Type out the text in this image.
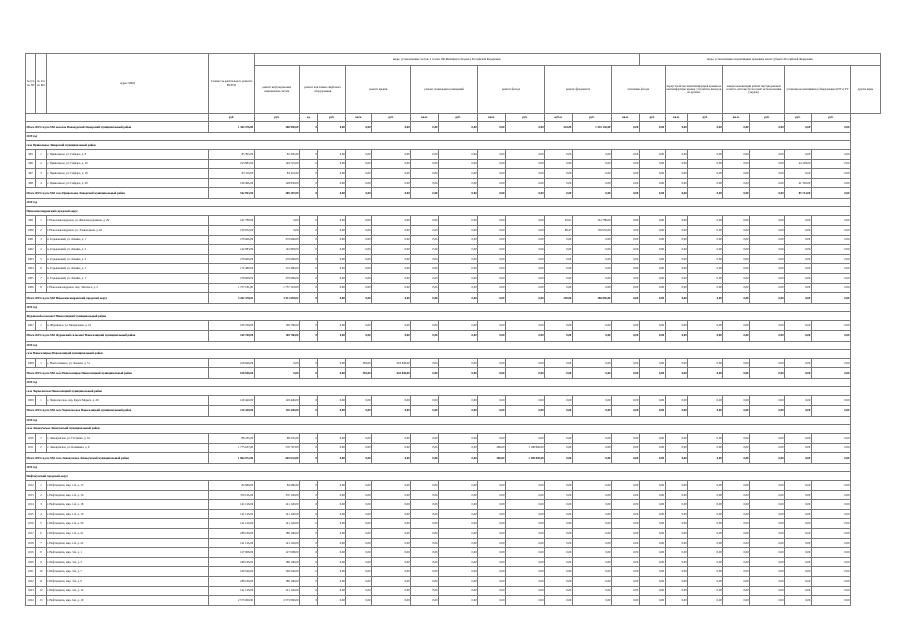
№ п/п по ПЗ	№ п/п по КО	Адрес МКД	Стоимость капитального ремонта ВСЕГО	виды, установленные частью 1 статьи 166 Жилищного Кодекса Российской Федерации												виды, установленные нормативным правовым актом субъекта Российской Федерации							
				ремонт внутридомовых инженерных систем	ремонт или замена лифтового оборудования		ремонт крыши		ремонт подвальных помещений		ремонт фасада		ремонт фундамента		утепление фасада		переустройство невентилируемой крыши на вентилируемую крышу, устройство выходов на кровлю		замена канализации ремонт внутридомовых сетей по системе бесхоз шахт использования (чердак)		установка коллективных (общедомовых) ПУ и УУ		другие виды
			руб.	руб.	ед.	руб.	кв.м.	руб.	кв.м.	руб.	кв.м.	руб.	куб.м.	руб.	кв.м.	руб.	кв.м.	руб.	кв.м.	руб.	руб.	руб.	
Итого 2019 год по МО поселок Новокурский Ливорский муниципальный район			1 364 476,00	368 990,00	0	0,00	0,00	0,00	0,00	0,00	0,00	0,00	434,00	1 435 126,00	0,00	0,00	0,00	0,00	0,00	0,00	0,00	0,00	
2019 год																							
село Привольное Ливорский муниципальный район																							
995	1	с. Привольное, ул. Гайдара, д. 8	85 395,00	85 395,00	0	0,00	0,00	0,00	0,00	0,00	0,00	0,00	0,00	0,00	0,00	0,00	0,00	0,00	0,00	0,00	0,00	0,00	
996	2	с. Привольное, ул. Гайдара, д. 16	193 883,00	149 725,00	0	0,00	0,00	0,00	0,00	0,00	0,00	0,00	0,00	0,00	0,00	0,00	0,00	0,00	0,00	0,00	44 158,00	0,00	
997	3	с. Привольное, ул. Гайдара, д. 18	83 319,00	83 319,00	0	0,00	0,00	0,00	0,00	0,00	0,00	0,00	0,00	0,00	0,00	0,00	0,00	0,00	0,00	0,00	0,00	0,00	
998	4	с. Привольное, ул. Гайдара, д. 20	169 406,00	128 850,00	0	0,00	0,00	0,00	0,00	0,00	0,00	0,00	0,00	0,00	0,00	0,00	0,00	0,00	0,00	0,00	41 556,00	0,00	
Итого 2019 год по МО село Привольное Ливорский муниципальный район			542 003,00	489 287,00	0	0,00	0,00	0,00	0,00	0,00	0,00	0,00	0,00	0,00	0,00	0,00	0,00	0,00	0,00	0,00	85 714,00	0,00	
2019 год																							
Новоалександровский городской округ																							
999	1	г. Новоалександровск, ул. Железнодорожная, д. 29	161 788,00	0,00	0	0,00	0,00	0,00	0,00	0,00	0,00	0,00	93,61	161 788,00	0,00	0,00	0,00	0,00	0,00	0,00	0,00	0,00	
1000	2	г. Новоалександровск, ул. Элеваторная, д. 20	159 052,00	0,00	0	0,00	0,00	0,00	0,00	0,00	0,00	0,00	88,47	159 052,00	0,00	0,00	0,00	0,00	0,00	0,00	0,00	0,00	
1001	3	п. Горьковский, ул. Ленина, д. 1	279 666,00	279 666,00	0	0,00	0,00	0,00	0,00	0,00	0,00	0,00	0,00	0,00	0,00	0,00	0,00	0,00	0,00	0,00	0,00	0,00	
1002	4	п. Горьковский, ул. Ленина, д. 2	142 983,00	142 983,00	0	0,00	0,00	0,00	0,00	0,00	0,00	0,00	0,00	0,00	0,00	0,00	0,00	0,00	0,00	0,00	0,00	0,00	
1003	5	п. Горьковский, ул. Ленина, д. 3	279 666,00	279 666,00	0	0,00	0,00	0,00	0,00	0,00	0,00	0,00	0,00	0,00	0,00	0,00	0,00	0,00	0,00	0,00	0,00	0,00	
1004	6	п. Горьковский, ул. Ленина, д. 5	172 486,00	172 486,00	0	0,00	0,00	0,00	0,00	0,00	0,00	0,00	0,00	0,00	0,00	0,00	0,00	0,00	0,00	0,00	0,00	0,00	
1005	7	п. Горьковский, ул. Ленина, д. 7	279 666,00	279 666,00	0	0,00	0,00	0,00	0,00	0,00	0,00	0,00	0,00	0,00	0,00	0,00	0,00	0,00	0,00	0,00	0,00	0,00	
1006	8	г. Новоалександровск, пер. Энгельса, д. 2	1 757 181,00	1 757 181,00	0	0,00	0,00	0,00	0,00	0,00	0,00	0,00	0,00	0,00	0,00	0,00	0,00	0,00	0,00	0,00	0,00	0,00	
Итого 2019 год по МО Новоалександровский городской округ			3 262 478,02	2 911 638,02	0	0,00	0,00	0,00	0,00	0,00	0,00	0,00	250,00	286 850,00	0,00	0,00	0,00	0,00	0,00	0,00	0,00	0,00	
2019 год																							
Журавский сельсовет Новоселицкий муниципальный район																							
1007	1	п. Журавское, ул. Менделеева, д. 19	169 760,00	169 760,00	0	0,00	0,00	0,00	0,00	0,00	0,00	0,00	0,00	0,00	0,00	0,00	0,00	0,00	0,00	0,00	0,00	0,00	
Итого 2019 год по МО Журавский сельсовет Новоселицкий муниципальный район			169 760,00	169 760,00	0	0,00	0,00	0,00	0,00	0,00	0,00	0,00	0,00	0,00	0,00	0,00	0,00	0,00	0,00	0,00	0,00	0,00	
2019 год																							
село Новоселицкое Новоселицкий муниципальный район																							
1008	1	с. Новоселицкое, ул. Зеленая, д. 51	618 846,00	0,00	0	0,00	383,00	618 846,00	0,00	0,00	0,00	0,00	0,00	0,00	0,00	0,00	0,00	0,00	0,00	0,00	0,00	0,00	
Итого 2019 год по МО село Новоселицкое Новоселицкий муниципальный район			618 846,00	0,00	0	0,00	383,00	618 846,00	0,00	0,00	0,00	0,00	0,00	0,00	0,00	0,00	0,00	0,00	0,00	0,00	0,00	0,00	
2019 год																							
село Чернолесское Новоселицкий муниципальный район																							
1009	1	с. Чернолесское, пер. Карла Маркса, д. 26	120 440,00	120 440,00	0	0,00	0,00	0,00	0,00	0,00	0,00	0,00	0,00	0,00	0,00	0,00	0,00	0,00	0,00	0,00	0,00	0,00	
Итого 2019 год по МО село Чернолесское Новоселицкий муниципальный район			120 440,00	120 440,00	0	0,00	0,00	0,00	0,00	0,00	0,00	0,00	0,00	0,00	0,00	0,00	0,00	0,00	0,00	0,00	0,00	0,00	
2019 год																							
село Левокумское Левокумский муниципальный район																							
1010	1	с. Левокумское, ул. Гагарина, д. 32	88 235,00	88 235,00	0	0,00	0,00	0,00	0,00	0,00	0,00	0,00	0,00	0,00	0,00	0,00	0,00	0,00	0,00	0,00	0,00	0,00	
1011	2	с. Левокумское, ул. Калинина, д. 6	1 775 637,00	576 797,00	0	0,00	0,00	0,00	0,00	0,00	286,00	1 198 840,00	0,00	0,00	0,00	0,00	0,00	0,00	0,00	0,00	0,00	0,00	
Итого 2019 год по МО село Левокумское Левокумский муниципальный район			1 864 872,00	665 032,00	0	0,00	0,00	0,00	0,00	0,00	286,00	1 198 840,00	0,00	0,00	0,00	0,00	0,00	0,00	0,00	0,00	0,00	0,00	
2019 год																							
Нефтекумский городской округ																							
1012	1	г. Нефтекумск, мкр. 1-й, д. 15	84 686,00	84 686,00	0	0,00	0,00	0,00	0,00	0,00	0,00	0,00	0,00	0,00	0,00	0,00	0,00	0,00	0,00	0,00	0,00	0,00	
1013	2	г. Нефтекумск, мкр. 1-й, д. 16	370 126,00	370 126,00	0	0,00	0,00	0,00	0,00	0,00	0,00	0,00	0,00	0,00	0,00	0,00	0,00	0,00	0,00	0,00	0,00	0,00	
1014	3	г. Нефтекумск, мкр. 1-й, д. 18	141 126,00	141 126,00	0	0,00	0,00	0,00	0,00	0,00	0,00	0,00	0,00	0,00	0,00	0,00	0,00	0,00	0,00	0,00	0,00	0,00	
1015	4	г. Нефтекумск, мкр. 1-й, д. 19	141 126,00	141 126,00	0	0,00	0,00	0,00	0,00	0,00	0,00	0,00	0,00	0,00	0,00	0,00	0,00	0,00	0,00	0,00	0,00	0,00	
1016	5	г. Нефтекумск, мкр. 1-й, д. 20	141 126,00	141 126,00	0	0,00	0,00	0,00	0,00	0,00	0,00	0,00	0,00	0,00	0,00	0,00	0,00	0,00	0,00	0,00	0,00	0,00	
1017	6	г. Нефтекумск, мкр. 1-й, д. 21	188 166,00	188 166,00	0	0,00	0,00	0,00	0,00	0,00	0,00	0,00	0,00	0,00	0,00	0,00	0,00	0,00	0,00	0,00	0,00	0,00	
1018	7	г. Нефтекумск, мкр. 1-й, д. 22	141 126,00	141 126,00	0	0,00	0,00	0,00	0,00	0,00	0,00	0,00	0,00	0,00	0,00	0,00	0,00	0,00	0,00	0,00	0,00	0,00	
1019	8	г. Нефтекумск, мкр. 3-й, д. 1	127 008,00	127 008,00	0	0,00	0,00	0,00	0,00	0,00	0,00	0,00	0,00	0,00	0,00	0,00	0,00	0,00	0,00	0,00	0,00	0,00	
1020	9	г. Нефтекумск, мкр. 3-й, д. 3	188 166,00	188 166,00	0	0,00	0,00	0,00	0,00	0,00	0,00	0,00	0,00	0,00	0,00	0,00	0,00	0,00	0,00	0,00	0,00	0,00	
1021	10	г. Нефтекумск, мкр. 3-й, д. 7	169 546,00	169 546,00	0	0,00	0,00	0,00	0,00	0,00	0,00	0,00	0,00	0,00	0,00	0,00	0,00	0,00	0,00	0,00	0,00	0,00	
1022	11	г. Нефтекумск, мкр. 3-й, д. 9	188 166,00	188 166,00	0	0,00	0,00	0,00	0,00	0,00	0,00	0,00	0,00	0,00	0,00	0,00	0,00	0,00	0,00	0,00	0,00	0,00	
1023	12	г. Нефтекумск, мкр. 3-й, д. 12	141 126,00	141 126,00	0	0,00	0,00	0,00	0,00	0,00	0,00	0,00	0,00	0,00	0,00	0,00	0,00	0,00	0,00	0,00	0,00	0,00	
1024	13	г. Нефтекумск, мкр. 6-й, д. 10	2 573 060,00	2 573 060,00	0	0,00	0,00	0,00	0,00	0,00	0,00	0,00	0,00	0,00	0,00	0,00	0,00	0,00	0,00	0,00	0,00	0,00	
